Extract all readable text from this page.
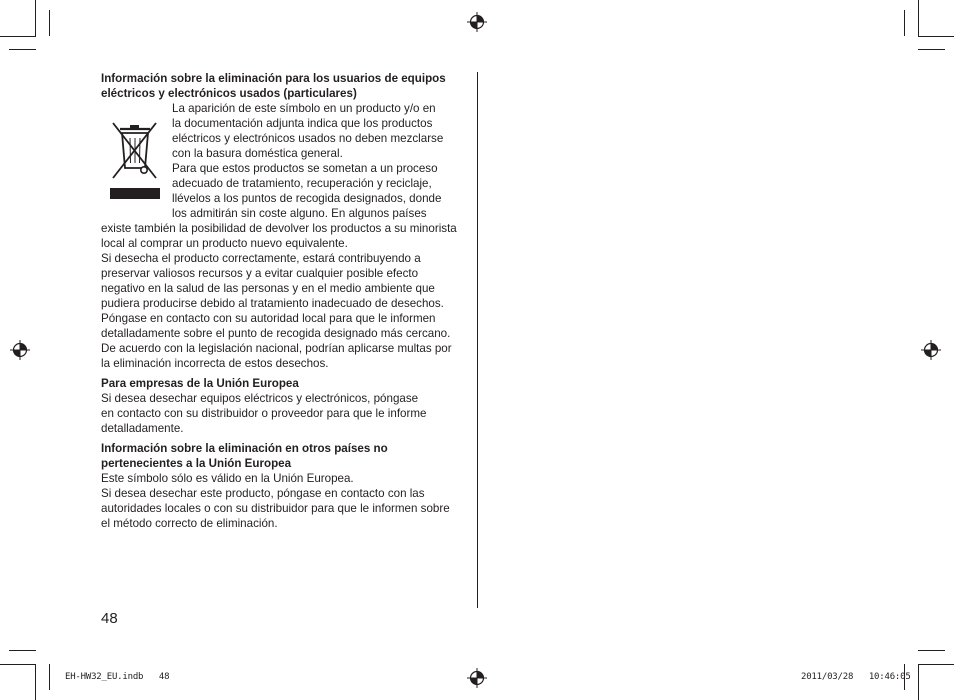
Información sobre la eliminación para los usuarios de equipos
eléctricos y electrónicos usados (particulares)

La aparición de este símbolo en un producto y/o en
la documentación adjunta indica que los productos
eléctricos y electrónicos usados no deben mezclarse
con la basura doméstica general.
Para que estos productos se sometan a un proceso
adecuado de tratamiento, recuperación y reciclaje,
llévelos a los puntos de recogida designados, donde
los admitirán sin coste alguno. En algunos países

existe también la posibilidad de devolver los productos a su minorista
local al comprar un producto nuevo equivalente.
Si desecha el producto correctamente, estará contribuyendo a
preservar valiosos recursos y a evitar cualquier posible efecto
negativo en la salud de las personas y en el medio ambiente que
pudiera producirse debido al tratamiento inadecuado de desechos.
Póngase en contacto con su autoridad local para que le informen
detalladamente sobre el punto de recogida designado más cercano.
De acuerdo con la legislación nacional, podrían aplicarse multas por
la eliminación incorrecta de estos desechos.

Para empresas de la Unión Europea

Si desea desechar equipos eléctricos y electrónicos, póngase
en contacto con su distribuidor o proveedor para que le informe
detalladamente.

Información sobre la eliminación en otros países no
pertenecientes a la Unión Europea

Este símbolo sólo es válido en la Unión Europea.
Si desea desechar este producto, póngase en contacto con las
autoridades locales o con su distribuidor para que le informen sobre
el método correcto de eliminación.

48
EH-HW32_EU.indb   48	2011/03/28   10:46:05
